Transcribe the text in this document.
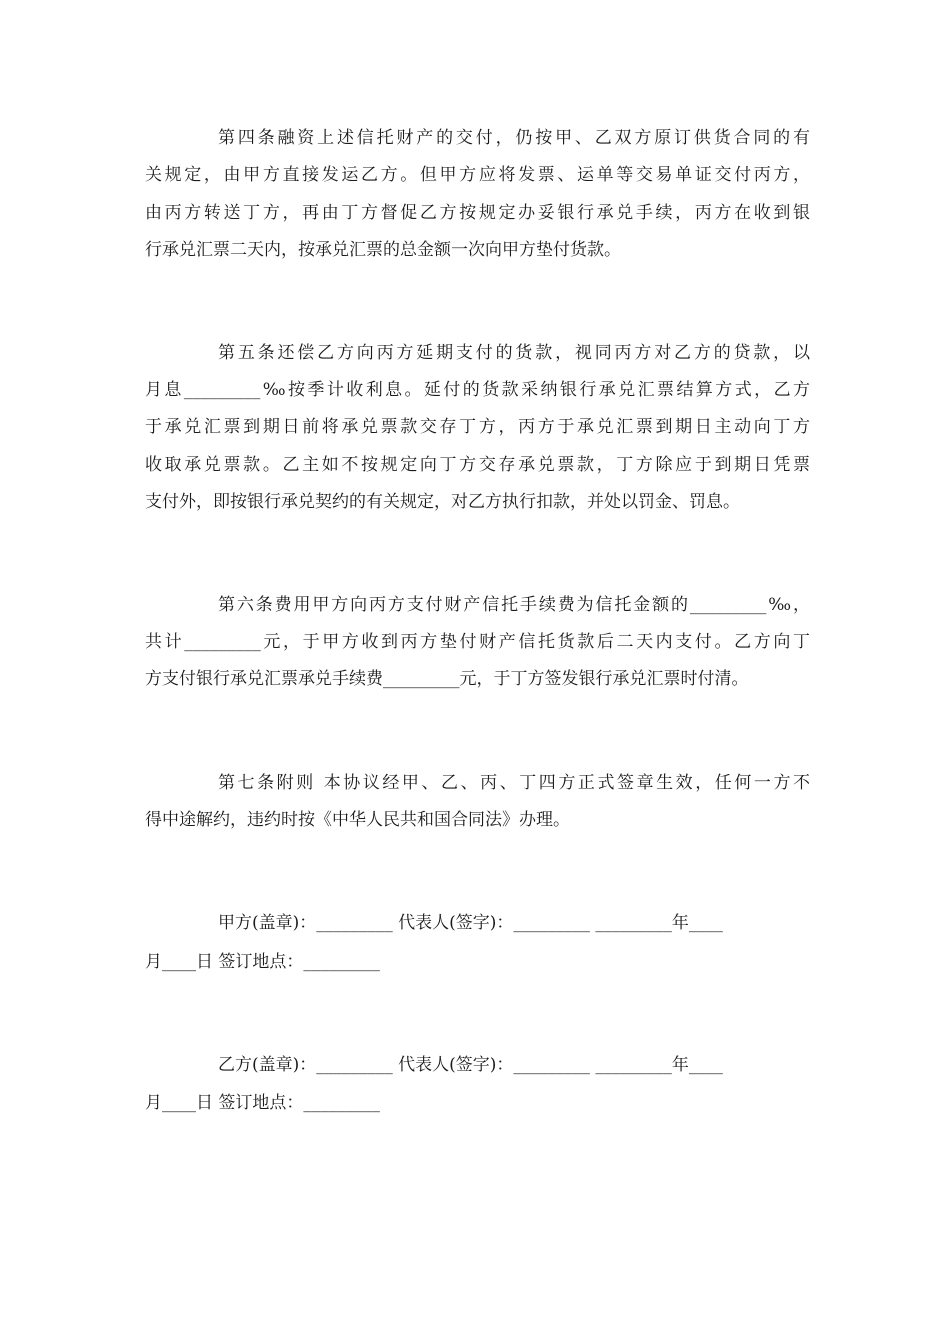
第四条融资上述信托财产的交付，仍按甲、乙双方原订供货合同的有
关规定，由甲方直接发运乙方。但甲方应将发票、运单等交易单证交付丙方，
由丙方转送丁方，再由丁方督促乙方按规定办妥银行承兑手续，丙方在收到银
行承兑汇票二天内，按承兑汇票的总金额一次向甲方垫付货款。
第五条还偿乙方向丙方延期支付的货款，视同丙方对乙方的贷款，以
月息_________‰按季计收利息。延付的货款采纳银行承兑汇票结算方式，乙方
于承兑汇票到期日前将承兑票款交存丁方，丙方于承兑汇票到期日主动向丁方
收取承兑票款。乙主如不按规定向丁方交存承兑票款，丁方除应于到期日凭票
支付外，即按银行承兑契约的有关规定，对乙方执行扣款，并处以罚金、罚息。
第六条费用甲方向丙方支付财产信托手续费为信托金额的_________‰，
共计_________元，于甲方收到丙方垫付财产信托货款后二天内支付。乙方向丁
方支付银行承兑汇票承兑手续费_________元，于丁方签发银行承兑汇票时付清。
第七条附则 本协议经甲、乙、丙、丁四方正式签章生效，任何一方不
得中途解约，违约时按《中华人民共和国合同法》办理。
甲方(盖章)：_________ 代表人(签字)：_________ _________年____
月____日 签订地点：_________
乙方(盖章)：_________ 代表人(签字)：_________ _________年____
月____日 签订地点：_________
